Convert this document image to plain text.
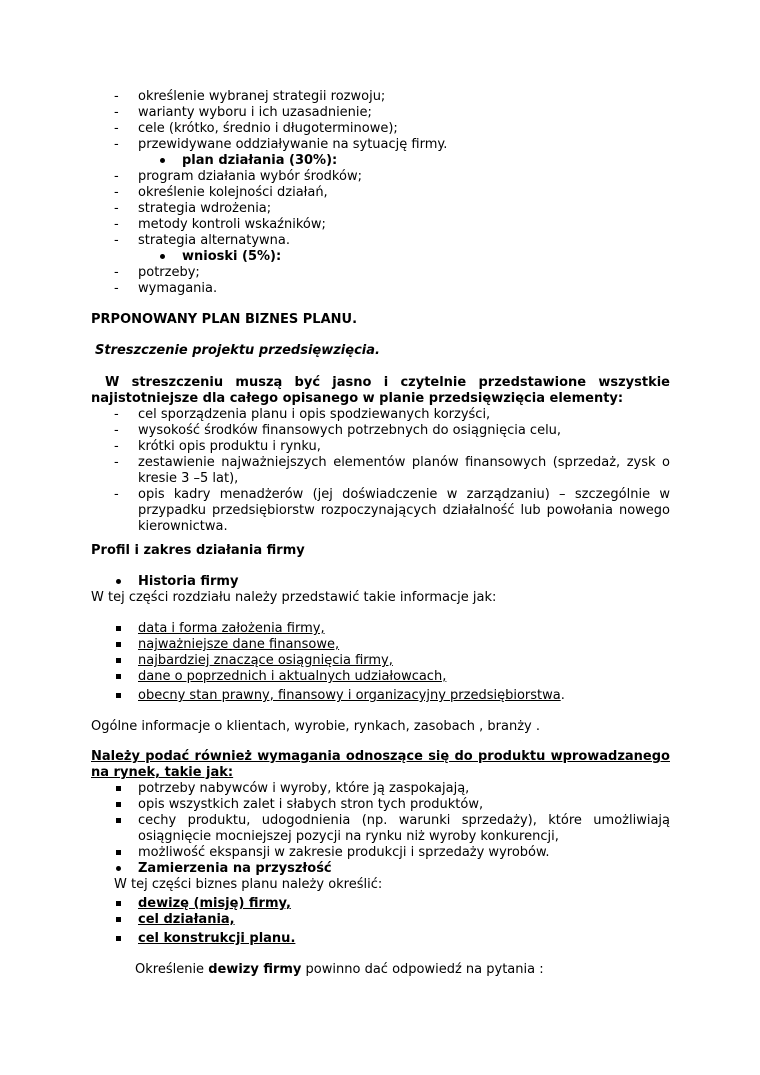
- określenie wybranej strategii rozwoju;
- warianty wyboru i ich uzasadnienie;
- cele (krótko, średnio i długoterminowe);
- przewidywane oddziaływanie na sytuację firmy.
plan działania (30%):
- program działania wybór środków;
- określenie kolejności działań,
- strategia wdrożenia;
- metody kontroli wskaźników;
- strategia alternatywna.
wnioski (5%):
- potrzeby;
- wymagania.
PRPONOWANY PLAN BIZNES PLANU.
Streszczenie projektu przedsięwzięcia.
W streszczeniu muszą być jasno i czytelnie przedstawione wszystkie
najistotniejsze dla całego opisanego w planie przedsięwzięcia elementy:
- cel sporządzenia planu i opis spodziewanych korzyści,
- wysokość środków finansowych potrzebnych do osiągnięcia celu,
- krótki opis produktu i rynku,
- zestawienie najważniejszych elementów planów finansowych (sprzedaż, zysk o
kresie 3 –5 lat),
- opis kadry menadżerów (jej doświadczenie w zarządzaniu) – szczególnie w
przypadku przedsiębiorstw rozpoczynających działalność lub powołania nowego
kierownictwa.
Profil i zakres działania firmy
Historia firmy
W tej części rozdziału należy przedstawić takie informacje jak:
data i forma założenia firmy,
najważniejsze dane finansowe,
najbardziej znaczące osiągnięcia firmy,
dane o poprzednich i aktualnych udziałowcach,
obecny stan prawny, finansowy i organizacyjny przedsiębiorstwa.
Ogólne informacje o klientach, wyrobie, rynkach, zasobach , branży .
Należy podać również wymagania odnoszące się do produktu wprowadzanego
na rynek, takie jak:
potrzeby nabywców i wyroby, które ją zaspokajają,
opis wszystkich zalet i słabych stron tych produktów,
cechy produktu, udogodnienia (np. warunki sprzedaży), które umożliwiają
osiągnięcie mocniejszej pozycji na rynku niż wyroby konkurencji,
możliwość ekspansji w zakresie produkcji i sprzedaży wyrobów.
Zamierzenia na przyszłość
W tej części biznes planu należy określić:
dewizę (misję) firmy,
cel działania,
cel konstrukcji planu.
Określenie dewizy firmy powinno dać odpowiedź na pytania :
